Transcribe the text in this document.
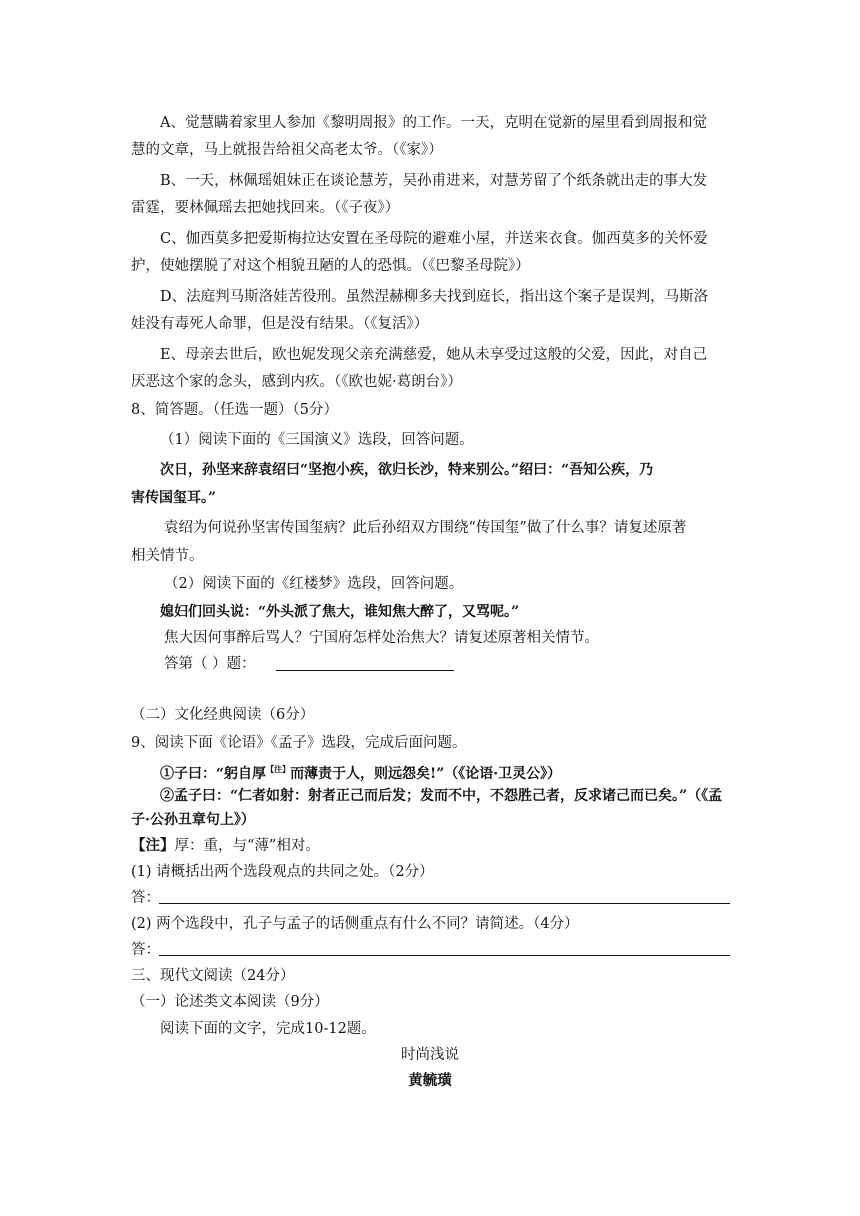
A、觉慧瞒着家里人参加《黎明周报》的工作。一天，克明在觉新的屋里看到周报和觉
慧的文章，马上就报告给祖父高老太爷。（《家》）
B、一天，林佩瑶姐妹正在谈论慧芳，吴孙甫进来，对慧芳留了个纸条就出走的事大发
雷霆，要林佩瑶去把她找回来。（《子夜》）
C、伽西莫多把爱斯梅拉达安置在圣母院的避难小屋，并送来衣食。伽西莫多的关怀爱
护，使她摆脱了对这个相貌丑陋的人的恐惧。（《巴黎圣母院》）
D、法庭判马斯洛娃苦役刑。虽然涅赫柳多夫找到庭长，指出这个案子是误判，马斯洛
娃没有毒死人命罪，但是没有结果。（《复活》）
E、母亲去世后，欧也妮发现父亲充满慈爱，她从未享受过这般的父爱，因此，对自己
厌恶这个家的念头，感到内疚。（《欧也妮·葛朗台》）
8、简答题。（任选一题）（5分）
（1）阅读下面的《三国演义》选段，回答问题。
次日，孙坚来辞袁绍曰“坚抱小疾，欲归长沙，特来别公。”绍曰：“吾知公疾，乃
害传国玺耳。”
袁绍为何说孙坚害传国玺病？此后孙绍双方围绕“传国玺”做了什么事？请复述原著
相关情节。
（2）阅读下面的《红楼梦》选段，回答问题。
媳妇们回头说：“外头派了焦大，谁知焦大醉了，又骂呢。”
焦大因何事醉后骂人？宁国府怎样处治焦大？请复述原著相关情节。
答第（ ）题：
（二）文化经典阅读（6分）
9、阅读下面《论语》《孟子》选段，完成后面问题。
①子曰：“躬自厚$^{【注】}$而薄责于人，则远怨矣!”（《论语·卫灵公》）
②孟子曰：“仁者如射：射者正己而后发；发而不中，不怨胜己者，反求诸己而已矣。”（《孟
子·公孙丑章句上》）
【注】厚：重，与“薄”相对。
(1) 请概括出两个选段观点的共同之处。（2分）
答：
(2) 两个选段中，孔子与孟子的话侧重点有什么不同？请简述。（4分）
答：
三、现代文阅读（24分）
（一）论述类文本阅读（9分）
阅读下面的文字，完成10-12题。
时尚浅说
黄毓璜
